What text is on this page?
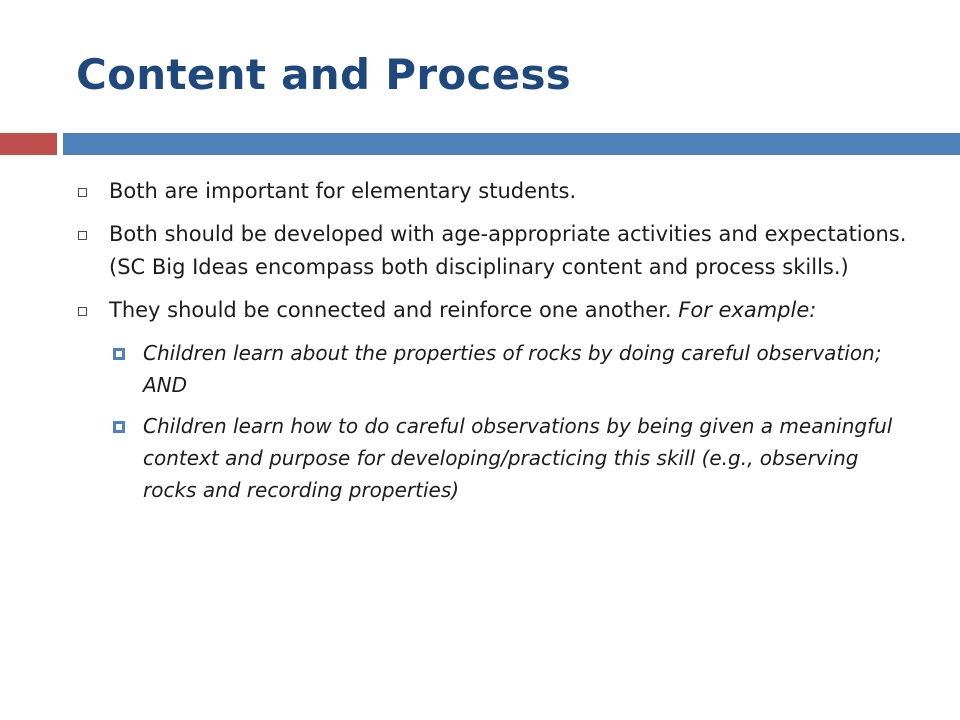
Content and Process
Both are important for elementary students.
Both should be developed with age-appropriate activities and expectations. (SC Big Ideas encompass both disciplinary content and process skills.)
They should be connected and reinforce one another. For example:
Children learn about the properties of rocks by doing careful observation; AND
Children learn how to do careful observations by being given a meaningful context and purpose for developing/practicing this skill (e.g., observing rocks and recording properties)
